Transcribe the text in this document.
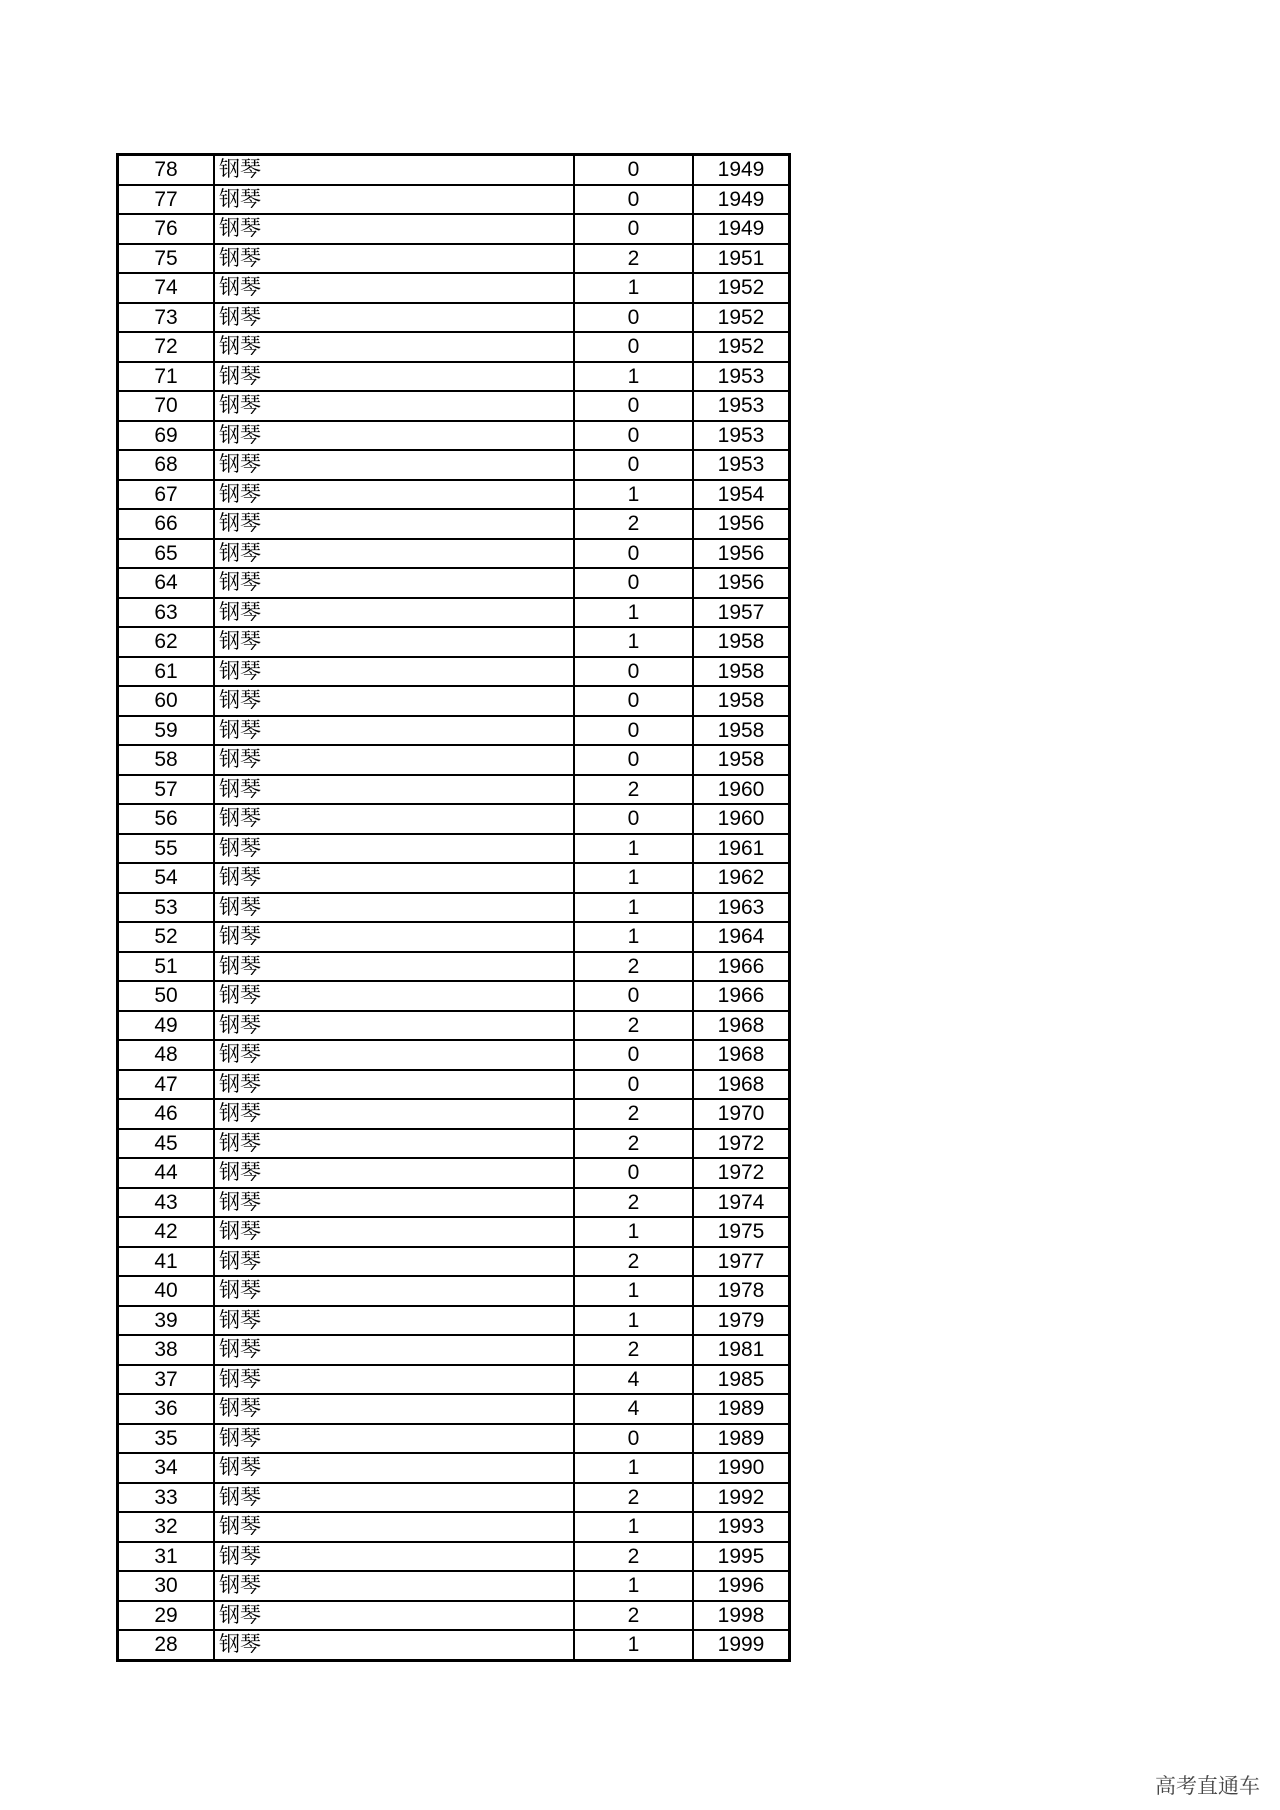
78	钢琴	0	1949
77	钢琴	0	1949
76	钢琴	0	1949
75	钢琴	2	1951
74	钢琴	1	1952
73	钢琴	0	1952
72	钢琴	0	1952
71	钢琴	1	1953
70	钢琴	0	1953
69	钢琴	0	1953
68	钢琴	0	1953
67	钢琴	1	1954
66	钢琴	2	1956
65	钢琴	0	1956
64	钢琴	0	1956
63	钢琴	1	1957
62	钢琴	1	1958
61	钢琴	0	1958
60	钢琴	0	1958
59	钢琴	0	1958
58	钢琴	0	1958
57	钢琴	2	1960
56	钢琴	0	1960
55	钢琴	1	1961
54	钢琴	1	1962
53	钢琴	1	1963
52	钢琴	1	1964
51	钢琴	2	1966
50	钢琴	0	1966
49	钢琴	2	1968
48	钢琴	0	1968
47	钢琴	0	1968
46	钢琴	2	1970
45	钢琴	2	1972
44	钢琴	0	1972
43	钢琴	2	1974
42	钢琴	1	1975
41	钢琴	2	1977
40	钢琴	1	1978
39	钢琴	1	1979
38	钢琴	2	1981
37	钢琴	4	1985
36	钢琴	4	1989
35	钢琴	0	1989
34	钢琴	1	1990
33	钢琴	2	1992
32	钢琴	1	1993
31	钢琴	2	1995
30	钢琴	1	1996
29	钢琴	2	1998
28	钢琴	1	1999
高考直通车
